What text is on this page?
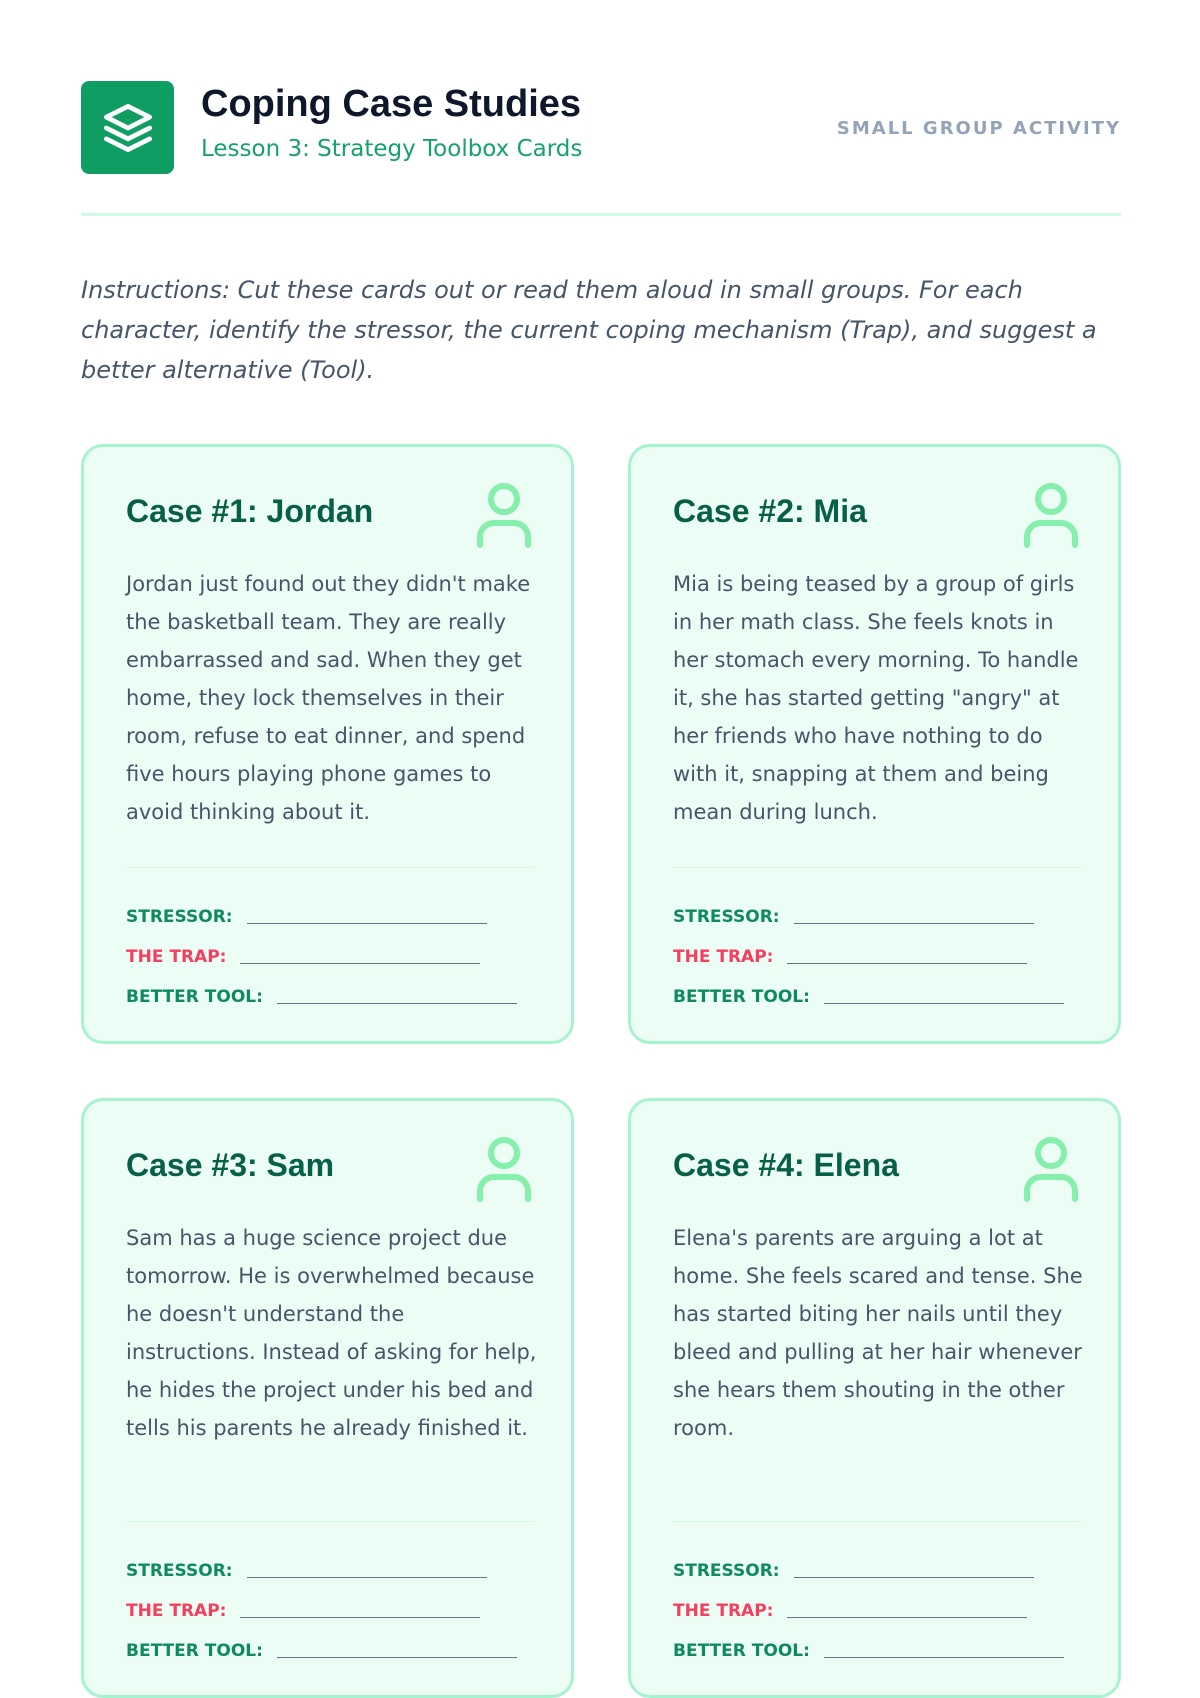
Coping Case Studies
Lesson 3: Strategy Toolbox Cards
SMALL GROUP ACTIVITY

Instructions: Cut these cards out or read them aloud in small groups. For each character, identify the stressor, the current coping mechanism (Trap), and suggest a better alternative (Tool).

Case #1: Jordan

Jordan just found out they didn't make the basketball team. They are really embarrassed and sad. When they get home, they lock themselves in their room, refuse to eat dinner, and spend five hours playing phone games to avoid thinking about it.

STRESSOR:
THE TRAP:
BETTER TOOL:
Case #2: Mia

Mia is being teased by a group of girls in her math class. She feels knots in her stomach every morning. To handle it, she has started getting "angry" at her friends who have nothing to do with it, snapping at them and being mean during lunch.

STRESSOR:
THE TRAP:
BETTER TOOL:
Case #3: Sam

Sam has a huge science project due tomorrow. He is overwhelmed because he doesn't understand the instructions. Instead of asking for help, he hides the project under his bed and tells his parents he already finished it.

STRESSOR:
THE TRAP:
BETTER TOOL:
Case #4: Elena

Elena's parents are arguing a lot at home. She feels scared and tense. She has started biting her nails until they bleed and pulling at her hair whenever she hears them shouting in the other room.

STRESSOR:
THE TRAP:
BETTER TOOL:
